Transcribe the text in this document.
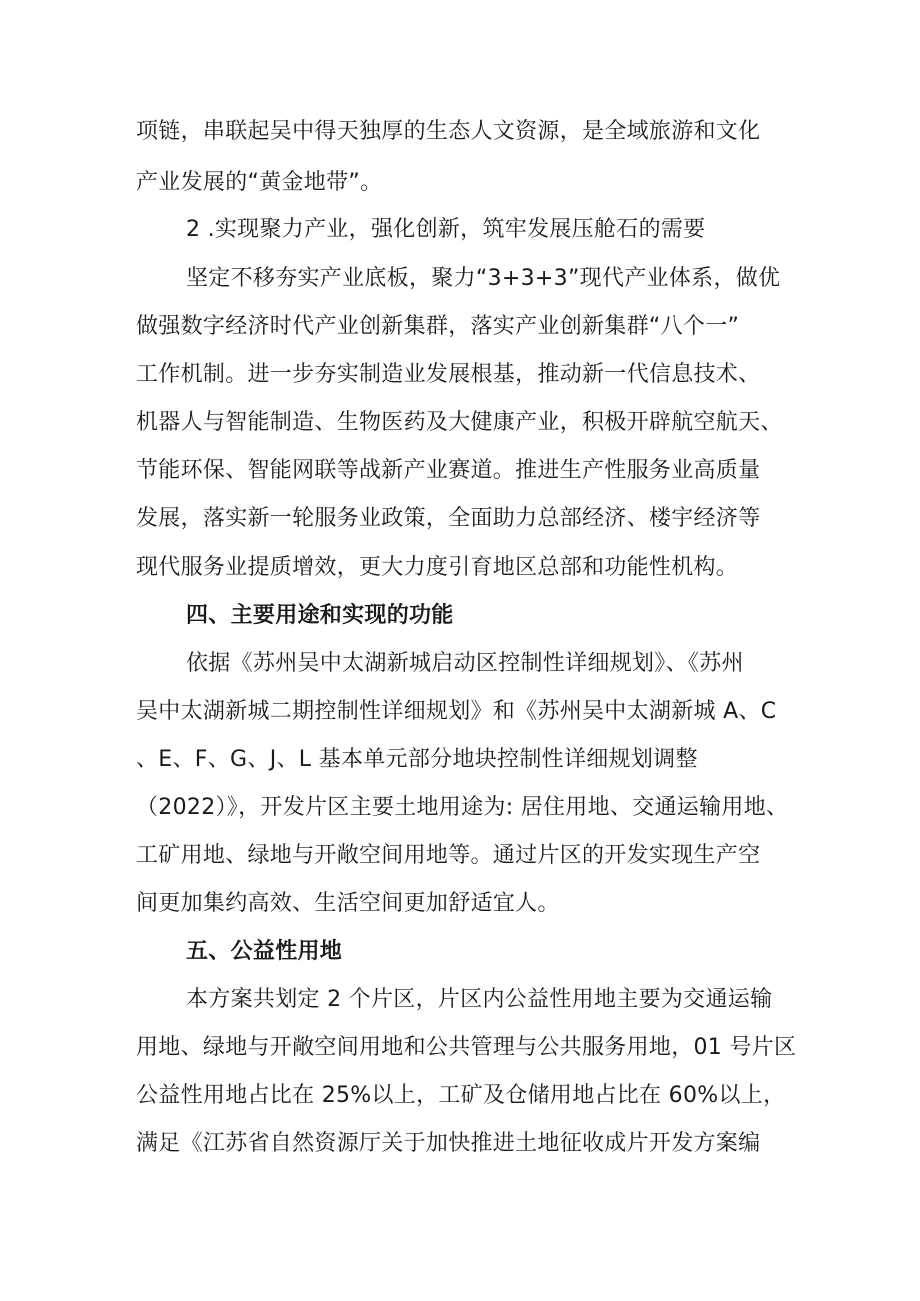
项链，串联起吴中得天独厚的生态人文资源，是全域旅游和文化
产业发展的“黄金地带”。
2 .实现聚力产业，强化创新，筑牢发展压舱石的需要
坚定不移夯实产业底板，聚力“3+3+3”现代产业体系，做优
做强数字经济时代产业创新集群，落实产业创新集群“八个一”
工作机制。进一步夯实制造业发展根基，推动新一代信息技术、
机器人与智能制造、生物医药及大健康产业，积极开辟航空航天、
节能环保、智能网联等战新产业赛道。推进生产性服务业高质量
发展，落实新一轮服务业政策，全面助力总部经济、楼宇经济等
现代服务业提质增效，更大力度引育地区总部和功能性机构。
四、主要用途和实现的功能
依据《苏州吴中太湖新城启动区控制性详细规划》、《苏州
吴中太湖新城二期控制性详细规划》和《苏州吴中太湖新城 A、C
、E、F、G、J、L 基本单元部分地块控制性详细规划调整
（2022）》，开发片区主要土地用途为: 居住用地、交通运输用地、
工矿用地、绿地与开敞空间用地等。通过片区的开发实现生产空
间更加集约高效、生活空间更加舒适宜人。
五、公益性用地
本方案共划定 2 个片区，片区内公益性用地主要为交通运输
用地、绿地与开敞空间用地和公共管理与公共服务用地，01 号片区
公益性用地占比在 25%以上，工矿及仓储用地占比在 60%以上，
满足《江苏省自然资源厅关于加快推进土地征收成片开发方案编
